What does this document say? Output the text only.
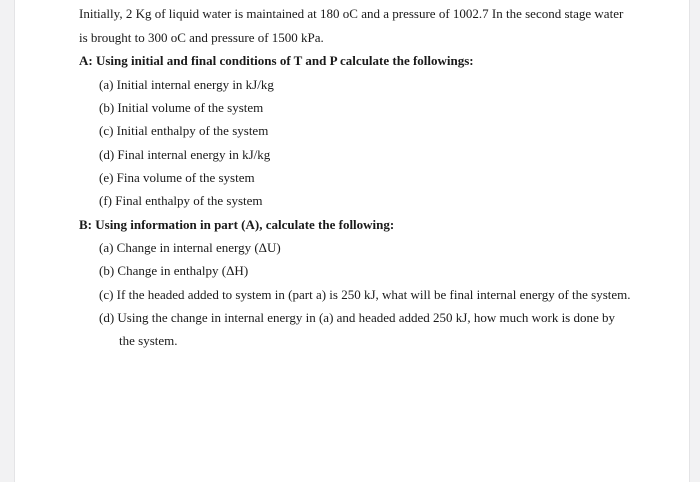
Initially, 2 Kg of liquid water is maintained at 180 oC and a pressure of 1002.7 In the second stage water
is brought to 300 oC and pressure of 1500 kPa.
A: Using initial and final conditions of T and P calculate the followings:
(a) Initial internal energy in kJ/kg
(b) Initial volume of the system
(c) Initial enthalpy of the system
(d) Final internal energy in kJ/kg
(e) Fina volume of the system
(f) Final enthalpy of the system
B: Using information in part (A), calculate the following:
(a) Change in internal energy (ΔU)
(b) Change in enthalpy (ΔH)
(c) If the headed added to system in (part a) is 250 kJ, what will be final internal energy of the system.
(d) Using the change in internal energy in (a) and headed added 250 kJ, how much work is done by
the system.
